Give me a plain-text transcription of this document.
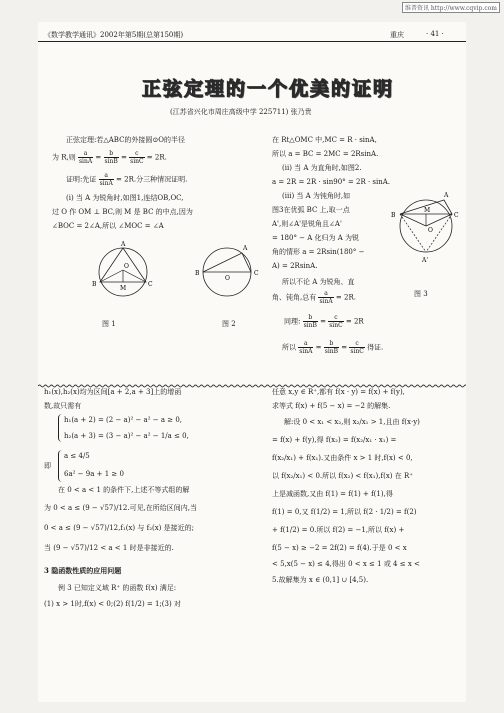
维普资讯 http://www.cqvip.com
《数学教学通讯》2002年第5期(总第150期)	重庆	· 41 ·
正弦定理的一个优美的证明
(江苏省兴化市周庄高级中学 225711) 张乃贵
正弦定理:若△ABC的外接圆⊙O的半径
为 R,则 $\frac{a}{\sin A} = \frac{b}{\sin B} = \frac{c}{\sin C} = 2R$.
证明:先证 $\frac{a}{\sin A} = 2R$.分三种情况证明.
(i) 当 A 为锐角时,如图1,连结OB,OC,
过 O 作 OM ⊥ BC,则 M 是 BC 的中点,因为
∠BOC = 2∠A,所以 ∠MOC = ∠A
A
B	C
O
M
图 1
A
B	C
O
图 2
在 Rt△OMC 中,MC = R · sinA,
所以 a = BC = 2MC = 2RsinA.
(ii) 当 A 为直角时,如图2.
a = 2R = 2R · sin90° = 2R · sinA.
(iii) 当 A 为钝角时,如
图3在优弧 BC 上,取一点
A',则∠A'是锐角且∠A'
= 180° − A 化归为 A 为锐
角的情形 a = 2Rsin(180° −
A) = 2RsinA.
所以不论 A 为锐角、直
角、钝角,总有 $\frac{a}{\sin A} = 2R$.
同理: $\frac{b}{\sin B} = \frac{c}{\sin C} = 2R$
所以 $\frac{a}{\sin A} = \frac{b}{\sin B} = \frac{c}{\sin C}$ 得证.
A
B	C
M
O
A'
图 3
h₁(x),h₂(x)均为区间[a + 2,a + 3]上的增函
数,故只需有
h₁(a + 2) = (2 − a)² − a² − a ≥ 0,
h₂(a + 3) = (3 − a)² − a² − 1/a ≤ 0,
即
a ≤ 4/5
6a² − 9a + 1 ≥ 0
在 0 < a < 1 的条件下,上述不等式组的解
为 0 < a ≤ (9 − √57)/12.可见,在所给区间内,当
0 < a ≤ (9 − √57)/12,f₁(x) 与 f₂(x) 是接近的;
当 (9 − √57)/12 < a < 1 时是非接近的.
3 隐函数性质的应用问题
例 3 已知定义域 R⁺ 的函数 f(x) 满足:
(1) x > 1时,f(x) < 0;(2) f(1/2) = 1;(3) 对
任意 x,y ∈ R⁺,都有 f(x · y) = f(x) + f(y),
求等式 f(x) + f(5 − x) = −2 的解集.
解:设 0 < x₁ < x₂,则 x₂/x₁ > 1,且由 f(x·y)
= f(x) + f(y),得 f(x₂) = f(x₂/x₁ · x₁) =
f(x₂/x₁) + f(x₁).又由条件 x > 1 时,f(x) < 0,
以 f(x₂/x₁) < 0.所以 f(x₂) < f(x₁),f(x) 在 R⁺
上是减函数,又由 f(1) = f(1) + f(1),得
f(1) = 0,又 f(1/2) = 1,所以 f(2 · 1/2) = f(2)
+ f(1/2) = 0.所以 f(2) = −1,所以 f(x) +
f(5 − x) ≥ −2 = 2f(2) = f(4).于是 0 < x
< 5,x(5 − x) ≤ 4,得出 0 < x ≤ 1 或 4 ≤ x <
5.故解集为 x ∈ (0,1] ∪ [4,5).
